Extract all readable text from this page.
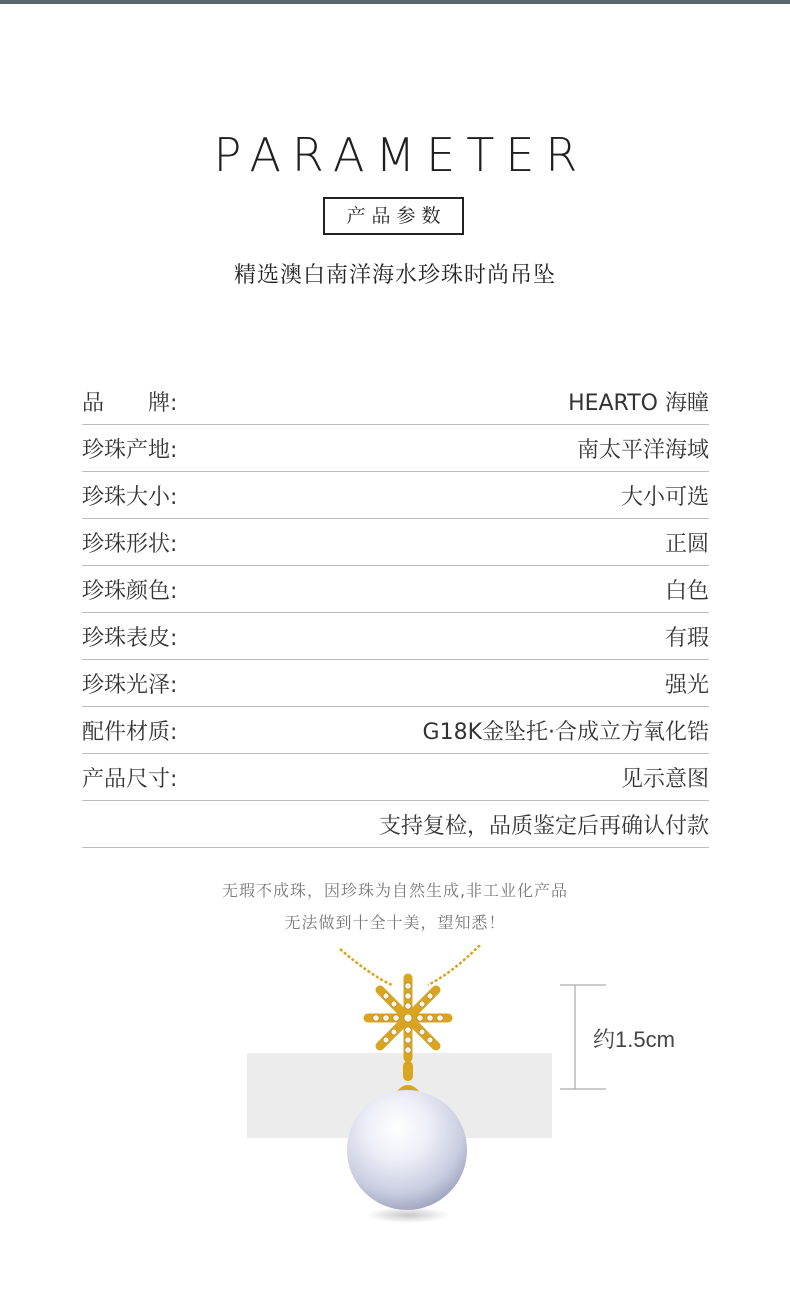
PARAMETER
产品参数
精选澳白南洋海水珍珠时尚吊坠
品　　牌:	HEARTO 海瞳
珍珠产地:	南太平洋海域
珍珠大小:	大小可选
珍珠形状:	正圆
珍珠颜色:	白色
珍珠表皮:	有瑕
珍珠光泽:	强光
配件材质:	G18K金坠托·合成立方氧化锆
产品尺寸:	见示意图
支持复检，品质鉴定后再确认付款
无瑕不成珠，因珍珠为自然生成,非工业化产品
无法做到十全十美，望知悉！
约1.5cm
